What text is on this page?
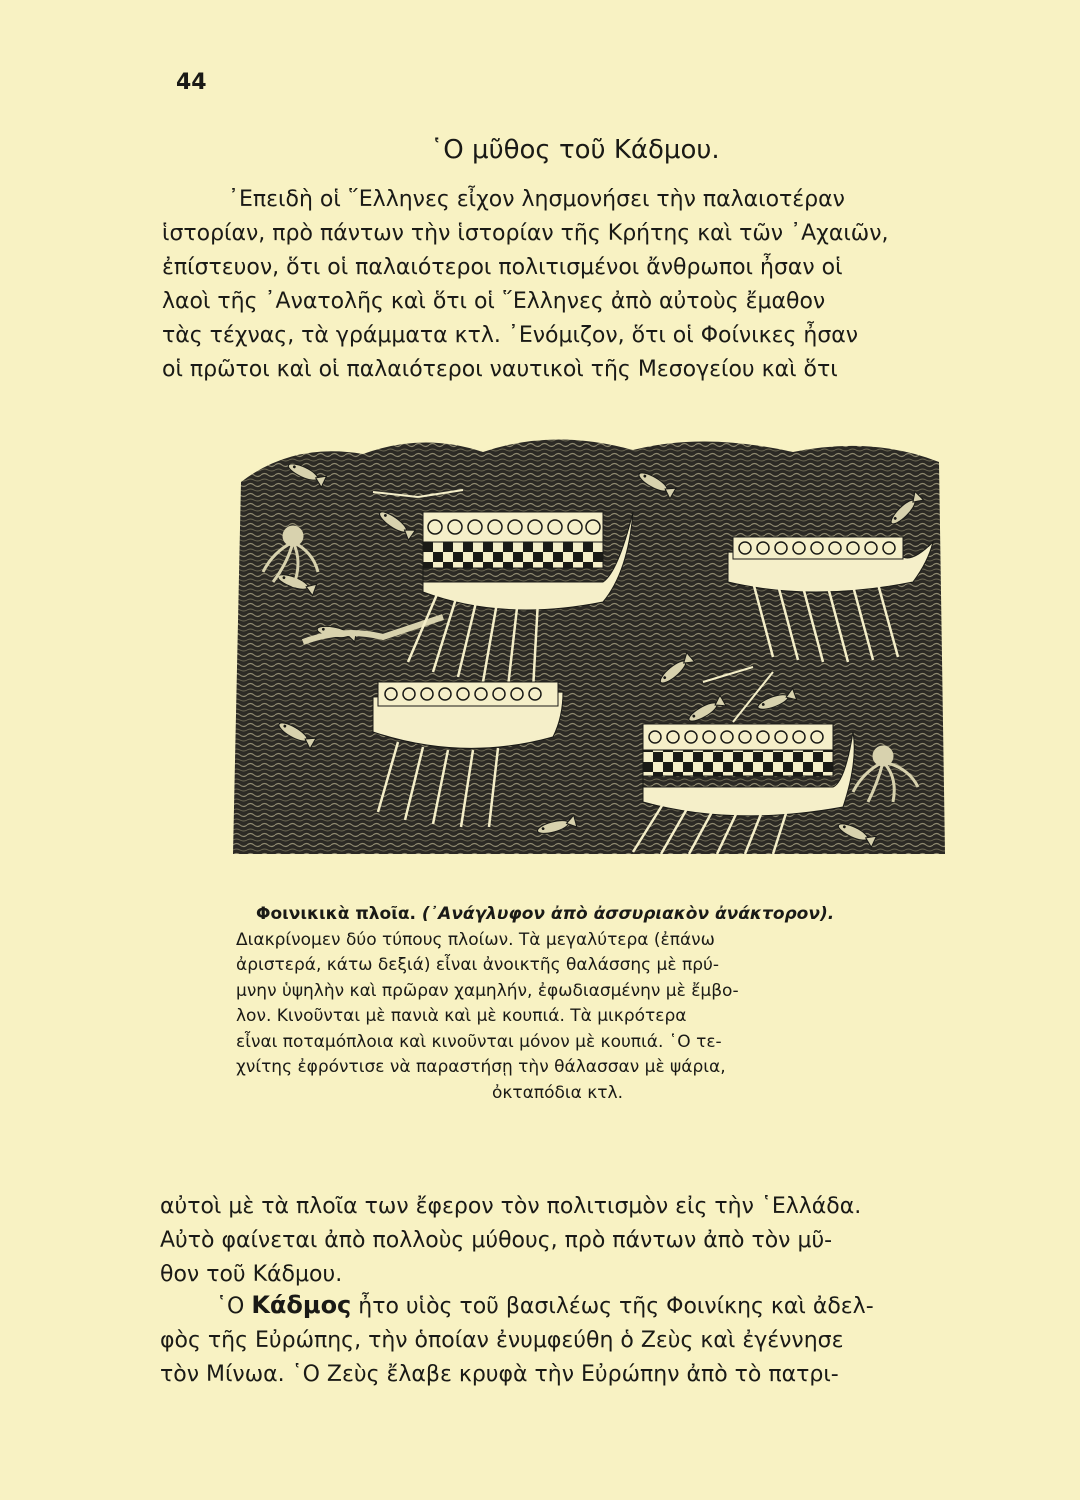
44
῾Ο μῦθος τοῦ Κάδμου.
᾿Επειδὴ οἱ ῞Ελληνες εἶχον λησμονήσει τὴν παλαιοτέραν
ἱστορίαν, πρὸ πάντων τὴν ἱστορίαν τῆς Κρήτης καὶ τῶν ᾿Αχαιῶν,
ἐπίστευον, ὅτι οἱ παλαιότεροι πολιτισμένοι ἄνθρωποι ἦσαν οἱ
λαοὶ τῆς ᾿Ανατολῆς καὶ ὅτι οἱ ῞Ελληνες ἀπὸ αὐτοὺς ἔμαθον
τὰς τέχνας, τὰ γράμματα κτλ. ᾿Ενόμιζον, ὅτι οἱ Φοίνικες ἦσαν
οἱ πρῶτοι καὶ οἱ παλαιότεροι ναυτικοὶ τῆς Μεσογείου καὶ ὅτι
Φοινικικὰ πλοῖα. (᾿Ανάγλυφον ἀπὸ ἀσσυριακὸν ἀνάκτορον).
Διακρίνομεν δύο τύπους πλοίων. Τὰ μεγαλύτερα (ἐπάνω
ἀριστερά, κάτω δεξιά) εἶναι ἀνοικτῆς θαλάσσης μὲ πρύ-
μνην ὑψηλὴν καὶ πρῶραν χαμηλήν, ἐφωδιασμένην μὲ ἔμβο-
λον. Κινοῦνται μὲ πανιὰ καὶ μὲ κουπιά. Τὰ μικρότερα
εἶναι ποταμόπλοια καὶ κινοῦνται μόνον μὲ κουπιά. ῾Ο τε-
χνίτης ἐφρόντισε νὰ παραστήσῃ τὴν θάλασσαν μὲ ψάρια,
ὀκταπόδια κτλ.
αὐτοὶ μὲ τὰ πλοῖα των ἔφερον τὸν πολιτισμὸν εἰς τὴν ῾Ελλάδα.
Αὐτὸ φαίνεται ἀπὸ πολλοὺς μύθους, πρὸ πάντων ἀπὸ τὸν μῦ-
θον τοῦ Κάδμου.
῾Ο Κάδμος ἦτο υἱὸς τοῦ βασιλέως τῆς Φοινίκης καὶ ἀδελ-
φὸς τῆς Εὐρώπης, τὴν ὁποίαν ἐνυμφεύθη ὁ Ζεὺς καὶ ἐγέννησε
τὸν Μίνωα. ῾Ο Ζεὺς ἔλαβε κρυφὰ τὴν Εὐρώπην ἀπὸ τὸ πατρι-
